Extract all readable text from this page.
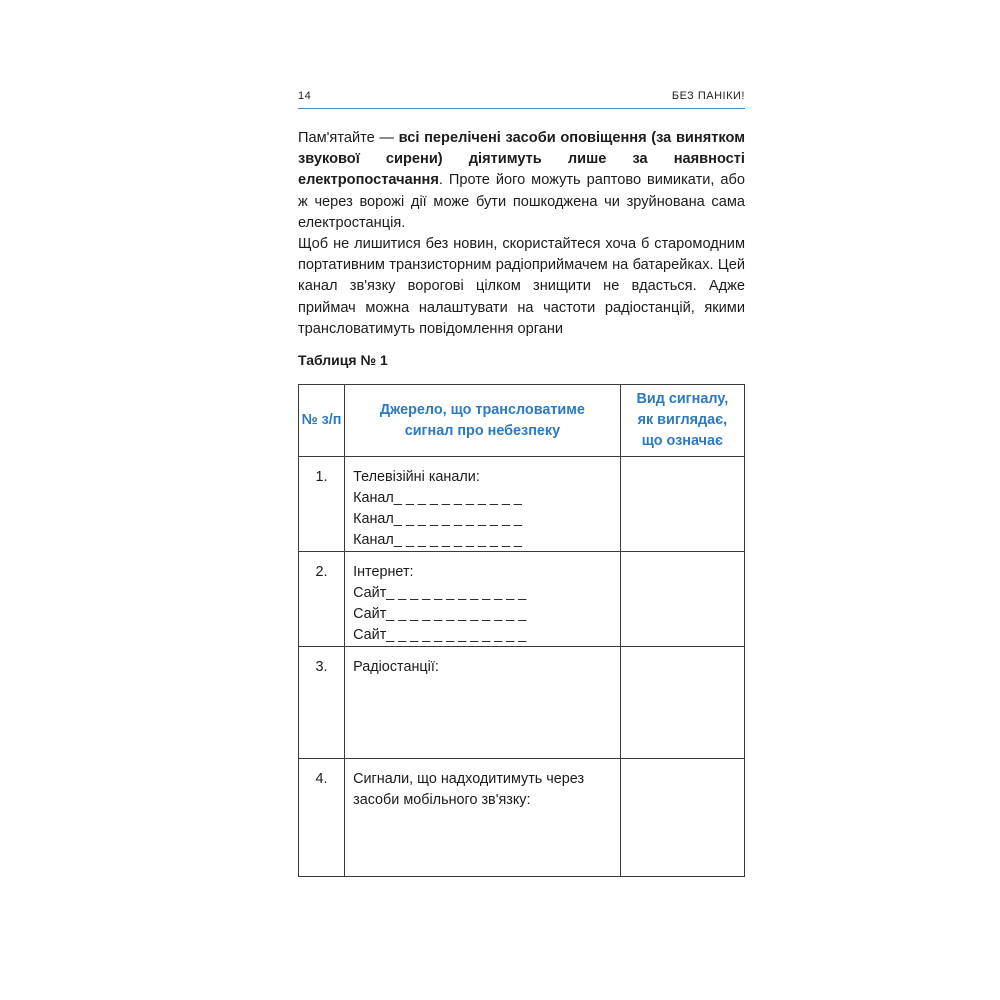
14	БЕЗ ПАНІКИ!

Пам'ятайте — всі перелічені засоби оповіщення (за винятком звукової сирени) діятимуть лише за наявності електропостачання. Проте його можуть раптово вимикати, або ж через ворожі дії може бути пошкоджена чи зруйнована сама електростанція.

Щоб не лишитися без новин, скористайтеся хоча б старомодним портативним транзисторним радіоприймачем на батарейках. Цей канал зв'язку ворогові цілком знищити не вдасться. Адже приймач можна налаштувати на частоти радіостанцій, якими трансловатимуть повідомлення органи

Таблиця № 1
№ з/п	Джерело, що трансловатиме сигнал про небезпеку	Вид сигналу, як виглядає, що означає
1.	Телевізійні канали:
Канал_ _ _ _ _ _ _ _ _ _ _
Канал_ _ _ _ _ _ _ _ _ _ _
Канал_ _ _ _ _ _ _ _ _ _ _	

2.	Інтернет:
Сайт_ _ _ _ _ _ _ _ _ _ _ _
Сайт_ _ _ _ _ _ _ _ _ _ _ _
Сайт_ _ _ _ _ _ _ _ _ _ _ _	

3.	Радіостанції:	

4.	Сигнали, що надходитимуть через
засоби мобільного зв'язку:	
